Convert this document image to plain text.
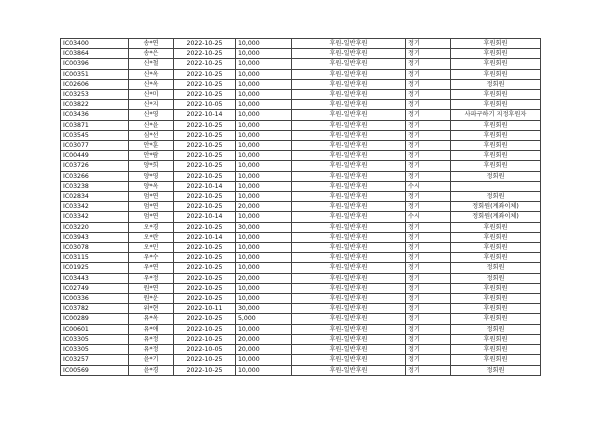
IC03400	송*연	2022-10-25	10,000	후원-일반후원	정기	후원회원
IC03864	송*은	2022-10-25	10,000	후원-일반후원	정기	후원회원
IC00396	신*철	2022-10-25	10,000	후원-일반후원	정기	후원회원
IC00351	신*옥	2022-10-25	10,000	후원-일반후원	정기	후원회원
IC02606	신*옥	2022-10-25	10,000	후원-일반후원	정기	정회원
IC03253	신*미	2022-10-25	10,000	후원-일반후원	정기	후원회원
IC03822	신*지	2022-10-05	10,000	후원-일반후원	정기	후원회원
IC03436	신*영	2022-10-14	10,000	후원-일반후원	정기	사파구하기 지정후원자
IC03871	신*윤	2022-10-25	10,000	후원-일반후원	정기	후원회원
IC03545	심*선	2022-10-25	10,000	후원-일반후원	정기	후원회원
IC03077	안*훈	2022-10-25	10,000	후원-일반후원	정기	후원회원
IC00449	안*람	2022-10-25	10,000	후원-일반후원	정기	후원회원
IC03726	양*희	2022-10-25	10,000	후원-일반후원	정기	후원회원
IC03266	양*영	2022-10-25	10,000	후원-일반후원	정기	정회원
IC03238	양*옥	2022-10-14	10,000	후원-일반후원	수시	
IC02834	엄*연	2022-10-25	10,000	후원-일반후원	정기	정회원
IC03342	엄*연	2022-10-25	20,000	후원-일반후원	정기	정회원(계좌이체)
IC03342	엄*연	2022-10-14	10,000	후원-일반후원	수시	정회원(계좌이체)
IC03220	오*경	2022-10-25	30,000	후원-일반후원	정기	후원회원
IC03943	오*란	2022-10-14	10,000	후원-일반후원	정기	후원회원
IC03078	오*민	2022-10-25	10,000	후원-일반후원	정기	후원회원
IC03115	우*수	2022-10-25	10,000	후원-일반후원	정기	후원회원
IC01925	우*연	2022-10-25	10,000	후원-일반후원	정기	정회원
IC03443	우*정	2022-10-25	20,000	후원-일반후원	정기	정회원
IC02749	원*연	2022-10-25	10,000	후원-일반후원	정기	후원회원
IC00336	원*운	2022-10-25	10,000	후원-일반후원	정기	후원회원
IC03782	위*현	2022-10-11	30,000	후원-일반후원	정기	후원회원
IC00289	유*옥	2022-10-25	5,000	후원-일반후원	정기	후원회원
IC00601	유*애	2022-10-25	10,000	후원-일반후원	정기	정회원
IC03305	유*정	2022-10-25	20,000	후원-일반후원	정기	후원회원
IC03305	유*정	2022-10-05	20,000	후원-일반후원	정기	후원회원
IC03257	윤*기	2022-10-25	10,000	후원-일반후원	정기	후원회원
IC00569	윤*경	2022-10-25	10,000	후원-일반후원	정기	정회원
